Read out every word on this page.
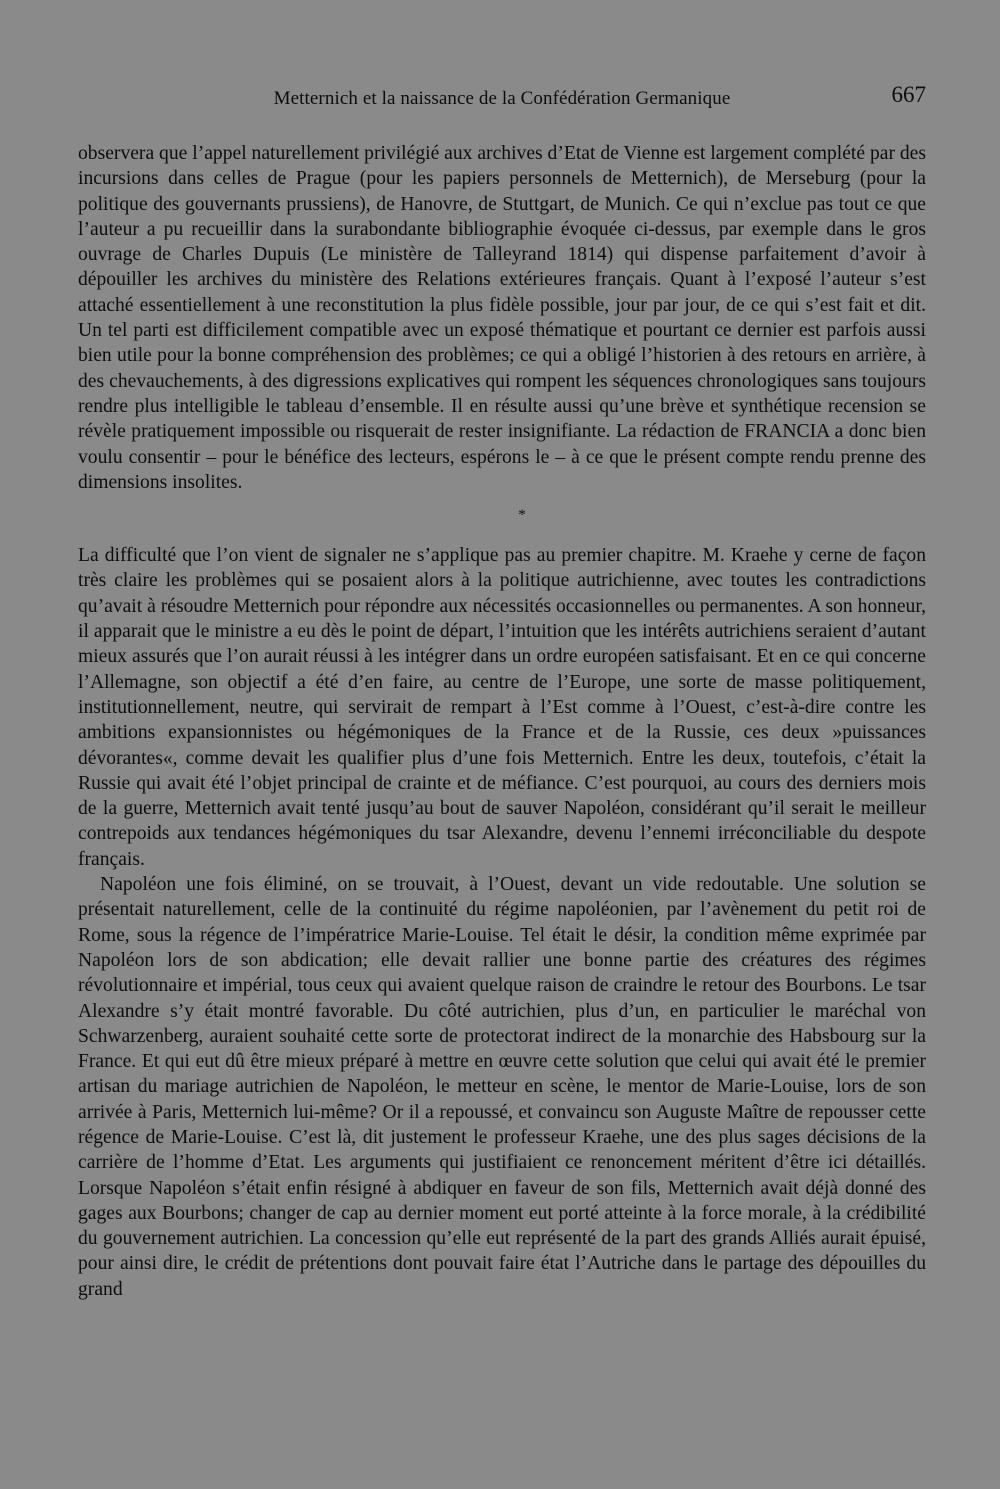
Metternich et la naissance de la Confédération Germanique	667

observera que l’appel naturellement privilégié aux archives d’Etat de Vienne est largement complété par des incursions dans celles de Prague (pour les papiers personnels de Metternich), de Merseburg (pour la politique des gouvernants prussiens), de Hanovre, de Stuttgart, de Munich. Ce qui n’exclue pas tout ce que l’auteur a pu recueillir dans la surabondante bibliographie évoquée ci-dessus, par exemple dans le gros ouvrage de Charles Dupuis (Le ministère de Talleyrand 1814) qui dispense parfaitement d’avoir à dépouiller les archives du ministère des Relations extérieures français. Quant à l’exposé l’auteur s’est attaché essentiellement à une reconstitution la plus fidèle possible, jour par jour, de ce qui s’est fait et dit. Un tel parti est difficilement compatible avec un exposé thématique et pourtant ce dernier est parfois aussi bien utile pour la bonne compréhension des problèmes; ce qui a obligé l’historien à des retours en arrière, à des chevauchements, à des digressions explicatives qui rompent les séquences chronologiques sans toujours rendre plus intelligible le tableau d’ensemble. Il en résulte aussi qu’une brève et synthétique recension se révèle pratiquement impossible ou risquerait de rester insignifiante. La rédaction de FRANCIA a donc bien voulu consentir – pour le bénéfice des lecteurs, espérons le – à ce que le présent compte rendu prenne des dimensions insolites.

*

La difficulté que l’on vient de signaler ne s’applique pas au premier chapitre. M. Kraehe y cerne de façon très claire les problèmes qui se posaient alors à la politique autrichienne, avec toutes les contradictions qu’avait à résoudre Metternich pour répondre aux nécessités occasionnelles ou permanentes. A son honneur, il apparait que le ministre a eu dès le point de départ, l’intuition que les intérêts autrichiens seraient d’autant mieux assurés que l’on aurait réussi à les intégrer dans un ordre européen satisfaisant. Et en ce qui concerne l’Allemagne, son objectif a été d’en faire, au centre de l’Europe, une sorte de masse politiquement, institutionnellement, neutre, qui servirait de rempart à l’Est comme à l’Ouest, c’est-à-dire contre les ambitions expansionnistes ou hégémoniques de la France et de la Russie, ces deux »puissances dévorantes«, comme devait les qualifier plus d’une fois Metternich. Entre les deux, toutefois, c’était la Russie qui avait été l’objet principal de crainte et de méfiance. C’est pourquoi, au cours des derniers mois de la guerre, Metternich avait tenté jusqu’au bout de sauver Napoléon, considérant qu’il serait le meilleur contrepoids aux tendances hégémoniques du tsar Alexandre, devenu l’ennemi irréconciliable du despote français.

Napoléon une fois éliminé, on se trouvait, à l’Ouest, devant un vide redoutable. Une solution se présentait naturellement, celle de la continuité du régime napoléonien, par l’avènement du petit roi de Rome, sous la régence de l’impératrice Marie-Louise. Tel était le désir, la condition même exprimée par Napoléon lors de son abdication; elle devait rallier une bonne partie des créatures des régimes révolutionnaire et impérial, tous ceux qui avaient quelque raison de craindre le retour des Bourbons. Le tsar Alexandre s’y était montré favorable. Du côté autrichien, plus d’un, en particulier le maréchal von Schwarzenberg, auraient souhaité cette sorte de protectorat indirect de la monarchie des Habsbourg sur la France. Et qui eut dû être mieux préparé à mettre en œuvre cette solution que celui qui avait été le premier artisan du mariage autrichien de Napoléon, le metteur en scène, le mentor de Marie-Louise, lors de son arrivée à Paris, Metternich lui-même? Or il a repoussé, et convaincu son Auguste Maître de repousser cette régence de Marie-Louise. C’est là, dit justement le professeur Kraehe, une des plus sages décisions de la carrière de l’homme d’Etat. Les arguments qui justifiaient ce renoncement méritent d’être ici détaillés. Lorsque Napoléon s’était enfin résigné à abdiquer en faveur de son fils, Metternich avait déjà donné des gages aux Bourbons; changer de cap au dernier moment eut porté atteinte à la force morale, à la crédibilité du gouvernement autrichien. La concession qu’elle eut représenté de la part des grands Alliés aurait épuisé, pour ainsi dire, le crédit de prétentions dont pouvait faire état l’Autriche dans le partage des dépouilles du grand
